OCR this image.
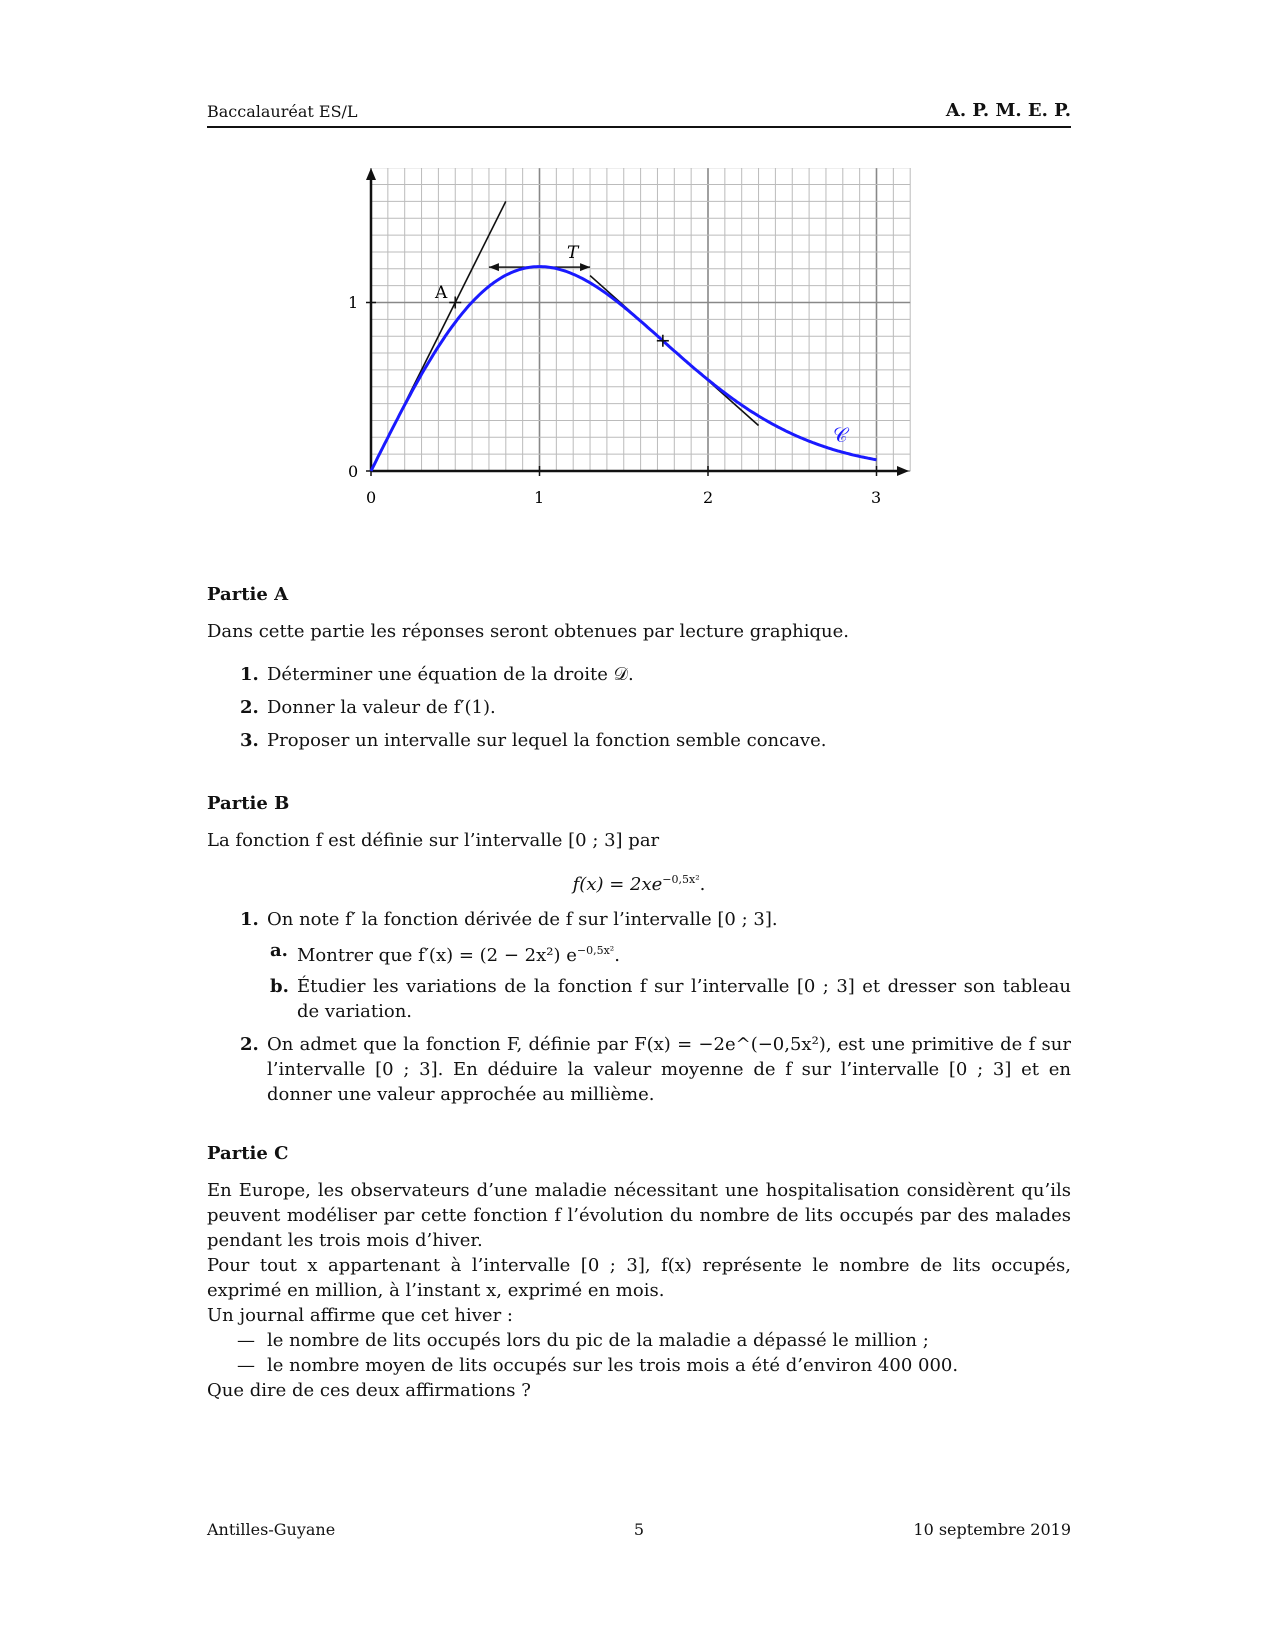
Baccalauréat ES/L	A. P. M. E. P.
0
1
0	1	2	3
A
T
𝒞
Partie A
Dans cette partie les réponses seront obtenues par lecture graphique.
1. Déterminer une équation de la droite 𝒟.
2. Donner la valeur de f′(1).
3. Proposer un intervalle sur lequel la fonction semble concave.
Partie B
La fonction f est définie sur l’intervalle [0 ; 3] par
$f(x) = 2xe^{-0,5x^2}$.
1. On note f′ la fonction dérivée de f sur l’intervalle [0 ; 3].
a. Montrer que f′(x) = (2 − 2x²) $e^{-0,5x^2}$.
b. Étudier les variations de la fonction f sur l’intervalle [0 ; 3] et dresser son tableau de variation.
2. On admet que la fonction F, définie par F(x) = −2e^(−0,5x²), est une primitive de f sur l’intervalle [0 ; 3]. En déduire la valeur moyenne de f sur l’intervalle [0 ; 3] et en donner une valeur approchée au millième.
Partie C
En Europe, les observateurs d’une maladie nécessitant une hospitalisation considèrent qu’ils peuvent modéliser par cette fonction f l’évolution du nombre de lits occupés par des malades pendant les trois mois d’hiver.
Pour tout x appartenant à l’intervalle [0 ; 3], f(x) représente le nombre de lits occupés, exprimé en million, à l’instant x, exprimé en mois.
Un journal affirme que cet hiver :
— le nombre de lits occupés lors du pic de la maladie a dépassé le million ;
— le nombre moyen de lits occupés sur les trois mois a été d’environ 400 000.
Que dire de ces deux affirmations ?
Antilles-Guyane	5	10 septembre 2019
